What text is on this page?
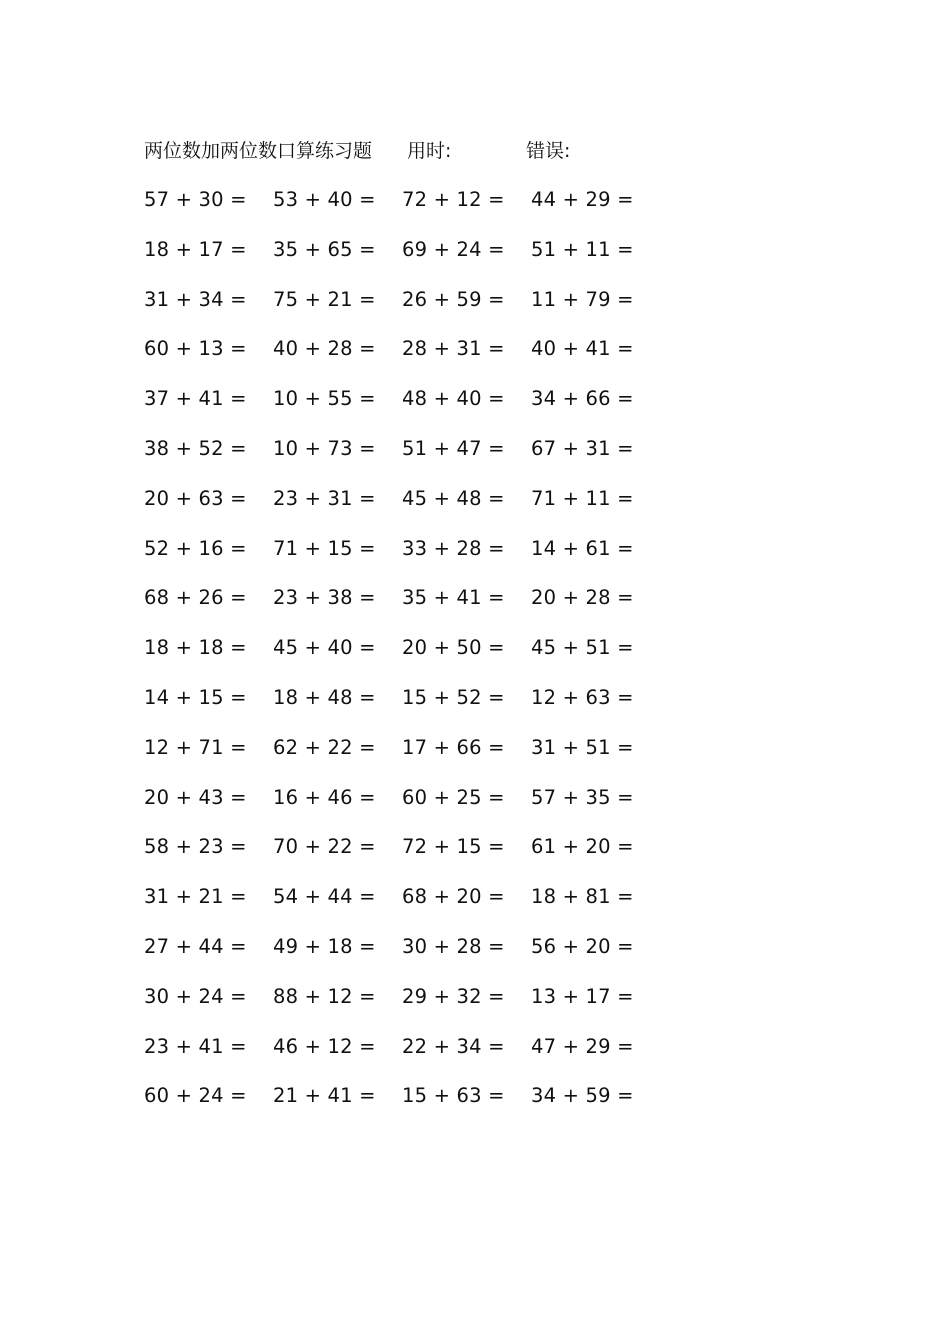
两位数加两位数口算练习题 用时:	错误:
57 + 30 =	53 + 40 =	72 + 12 =	44 + 29 =
18 + 17 =	35 + 65 =	69 + 24 =	51 + 11 =
31 + 34 =	75 + 21 =	26 + 59 =	11 + 79 =
60 + 13 =	40 + 28 =	28 + 31 =	40 + 41 =
37 + 41 =	10 + 55 =	48 + 40 =	34 + 66 =
38 + 52 =	10 + 73 =	51 + 47 =	67 + 31 =
20 + 63 =	23 + 31 =	45 + 48 =	71 + 11 =
52 + 16 =	71 + 15 =	33 + 28 =	14 + 61 =
68 + 26 =	23 + 38 =	35 + 41 =	20 + 28 =
18 + 18 =	45 + 40 =	20 + 50 =	45 + 51 =
14 + 15 =	18 + 48 =	15 + 52 =	12 + 63 =
12 + 71 =	62 + 22 =	17 + 66 =	31 + 51 =
20 + 43 =	16 + 46 =	60 + 25 =	57 + 35 =
58 + 23 =	70 + 22 =	72 + 15 =	61 + 20 =
31 + 21 =	54 + 44 =	68 + 20 =	18 + 81 =
27 + 44 =	49 + 18 =	30 + 28 =	56 + 20 =
30 + 24 =	88 + 12 =	29 + 32 =	13 + 17 =
23 + 41 =	46 + 12 =	22 + 34 =	47 + 29 =
60 + 24 =	21 + 41 =	15 + 63 =	34 + 59 =
